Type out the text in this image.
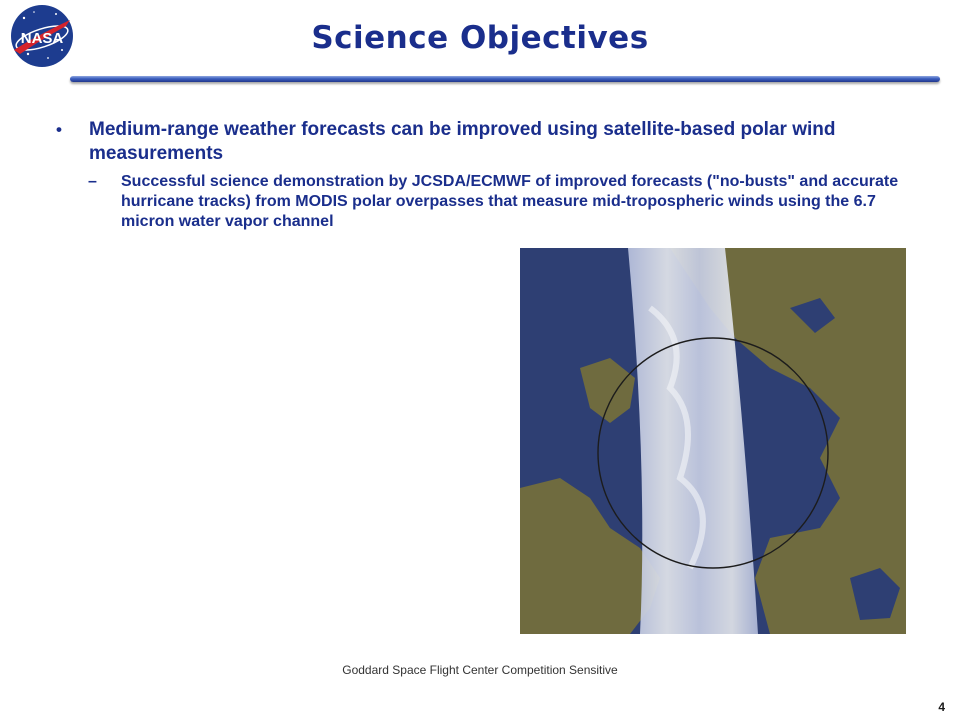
NASA	Science Objectives
• Medium-range weather forecasts can be improved using satellite-based polar wind measurements
– Successful science demonstration by JCSDA/ECMWF of improved forecasts ("no-busts" and accurate hurricane tracks) from MODIS polar overpasses that measure mid-tropospheric winds using the 6.7 micron water vapor channel
Goddard Space Flight Center Competition Sensitive
4
